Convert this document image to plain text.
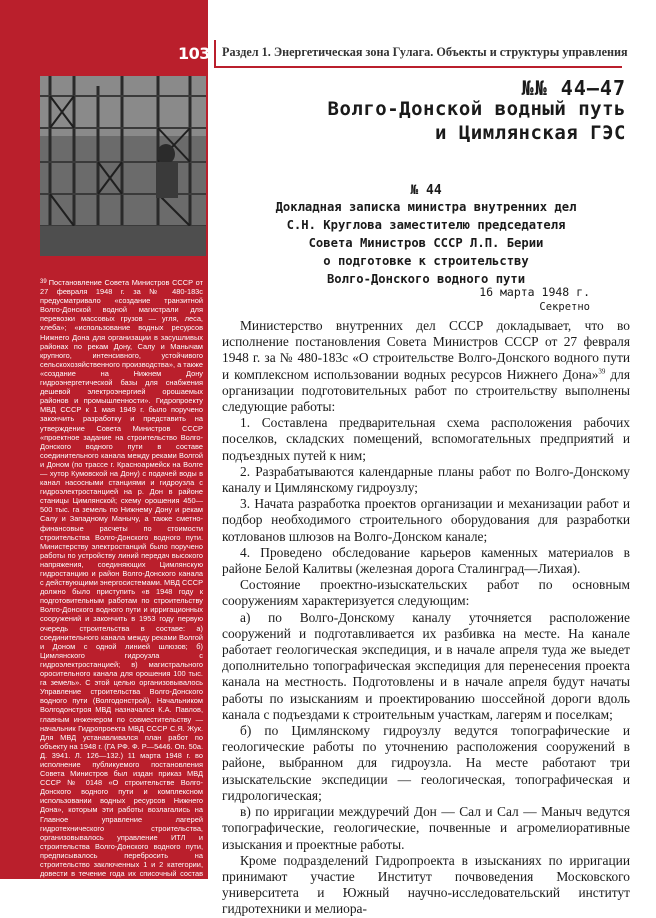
103
$^{39}$ Постановление Совета Министров СССР от 27 февраля 1948 г. за № 480-183с предусматривало «создание транзитной Волго-Донской водной магистрали для перевозки массовых грузов — угля, леса, хлеба»; «использование водных ресурсов Нижнего Дона для организации в засушливых районах по рекам Дону, Салу и Манычам крупного, интенсивного, устойчивого сельскохозяйственного производства», а также «создание на Нижнем Дону гидроэнергетической базы для снабжения дешевой электроэнергией орошаемых районов и промышленности». Гидропроекту МВД СССР к 1 мая 1949 г. было поручено закончить разработку и представить на утверждение Совета Министров СССР «проектное задание на строительство Волго-Донского водного пути в составе соединительного канала между реками Волгой и Доном (по трассе г. Красноармейск на Волге — хутор Кумовской на Дону) с подачей воды в канал насосными станциями и гидроузла с гидроэлектростанцией на р. Дон в районе станицы Цимлянской; схему орошения 450—500 тыс. га земель по Нижнему Дону и рекам Салу и Западному Манычу, а также сметно-финансовые расчеты по стоимости строительства Волго-Донского водного пути. Министерству электростанций было поручено работы по устройству линий передач высокого напряжения, соединяющих Цимлянскую гидростанцию и район Волго-Донского канала с действующими энергосистемами. МВД СССР должно было приступить «в 1948 году к подготовительным работам по строительству Волго-Донского водного пути и ирригационных сооружений и закончить в 1953 году первую очередь строительства в составе: а) соединительного канала между реками Волгой и Доном с одной линией шлюзов; б) Цимлянского гидроузла с гидроэлектростанцией; в) магистрального оросительного канала для орошения 100 тыс. га земель». С этой целью организовывалось Управление строительства Волго-Донского водного пути (Волгодонстрой). Начальником Волгодонстроя МВД назначался К.А. Павлов, главным инженером по совместительству — начальник Гидропроекта МВД СССР С.Я. Жук. Для МВД устанавливался план работ по объекту на 1948 г. (ГА РФ. Ф. Р—5446. Оп. 50а. Д. 3941. Л. 126—132.) 11 марта 1948 г. во исполнение публикуемого постановления Совета Министров был издан приказ МВД СССР № 0148 «О строительстве Волго-Донского водного пути и комплексном использовании водных ресурсов Нижнего Дона», которым эти работы возлагались на Главное управление лагерей гидротехнического строительства, организовывалось управление ИТЛ и строительства Волго-Донского водного пути, предписывалось перебросить на строительство заключенных 1 и 2 категории, довести в течение года их списочный состав до 20 тыс. человек. (Кокурин А., Моруков Ю. ГУЛАГ: структура и кадры // Свободная мысль. 2001. № 1. С. 109.)
Раздел 1. Энергетическая зона Гулага. Объекты и структуры управления
№№ 44–47
Волго-Донской водный путь
и Цимлянская ГЭС
№ 44
Докладная записка министра внутренних дел
С.Н. Круглова заместителю председателя
Совета Министров СССР Л.П. Берии
о подготовке к строительству
Волго-Донского водного пути
16 марта 1948 г.
Секретно

Министерство внутренних дел СССР докладывает, что во исполнение постановления Совета Министров СССР от 27 февраля 1948 г. за № 480-183с «О строительстве Волго-Донского водного пути и комплексном использовании водных ресурсов Нижнего Дона»$^{39}$ для организации подготовительных работ по строительству выполнены следующие работы:

1. Составлена предварительная схема расположения рабочих поселков, складских помещений, вспомогательных предприятий и подъездных путей к ним;

2. Разрабатываются календарные планы работ по Волго-Донскому каналу и Цимлянскому гидроузлу;

3. Начата разработка проектов организации и механизации работ и подбор необходимого строительного оборудования для разработки котлованов шлюзов на Волго-Донском канале;

4. Проведено обследование карьеров каменных материалов в районе Белой Калитвы (железная дорога Сталинград—Лихая).

Состояние проектно-изыскательских работ по основным сооружениям характеризуется следующим:

а) по Волго-Донскому каналу уточняется расположение сооружений и подготавливается их разбивка на месте. На канале работает геологическая экспедиция, и в начале апреля туда же выедет дополнительно топографическая экспедиция для перенесения проекта канала на местность. Подготовлены и в начале апреля будут начаты работы по изысканиям и проектированию шоссейной дороги вдоль канала с подъездами к строительным участкам, лагерям и поселкам;

б) по Цимлянскому гидроузлу ведутся топографические и геологические работы по уточнению расположения сооружений в районе, выбранном для гидроузла. На месте работают три изыскательские экспедиции — геологическая, топографическая и гидрологическая;

в) по ирригации междуречий Дон — Сал и Сал — Маныч ведутся топографические, геологические, почвенные и агромелиоративные изыскания и проектные работы.

Кроме подразделений Гидропроекта в изысканиях по ирригации принимают участие Институт почвоведения Московского университета и Южный научно-исследовательский институт гидротехники и мелиора-
